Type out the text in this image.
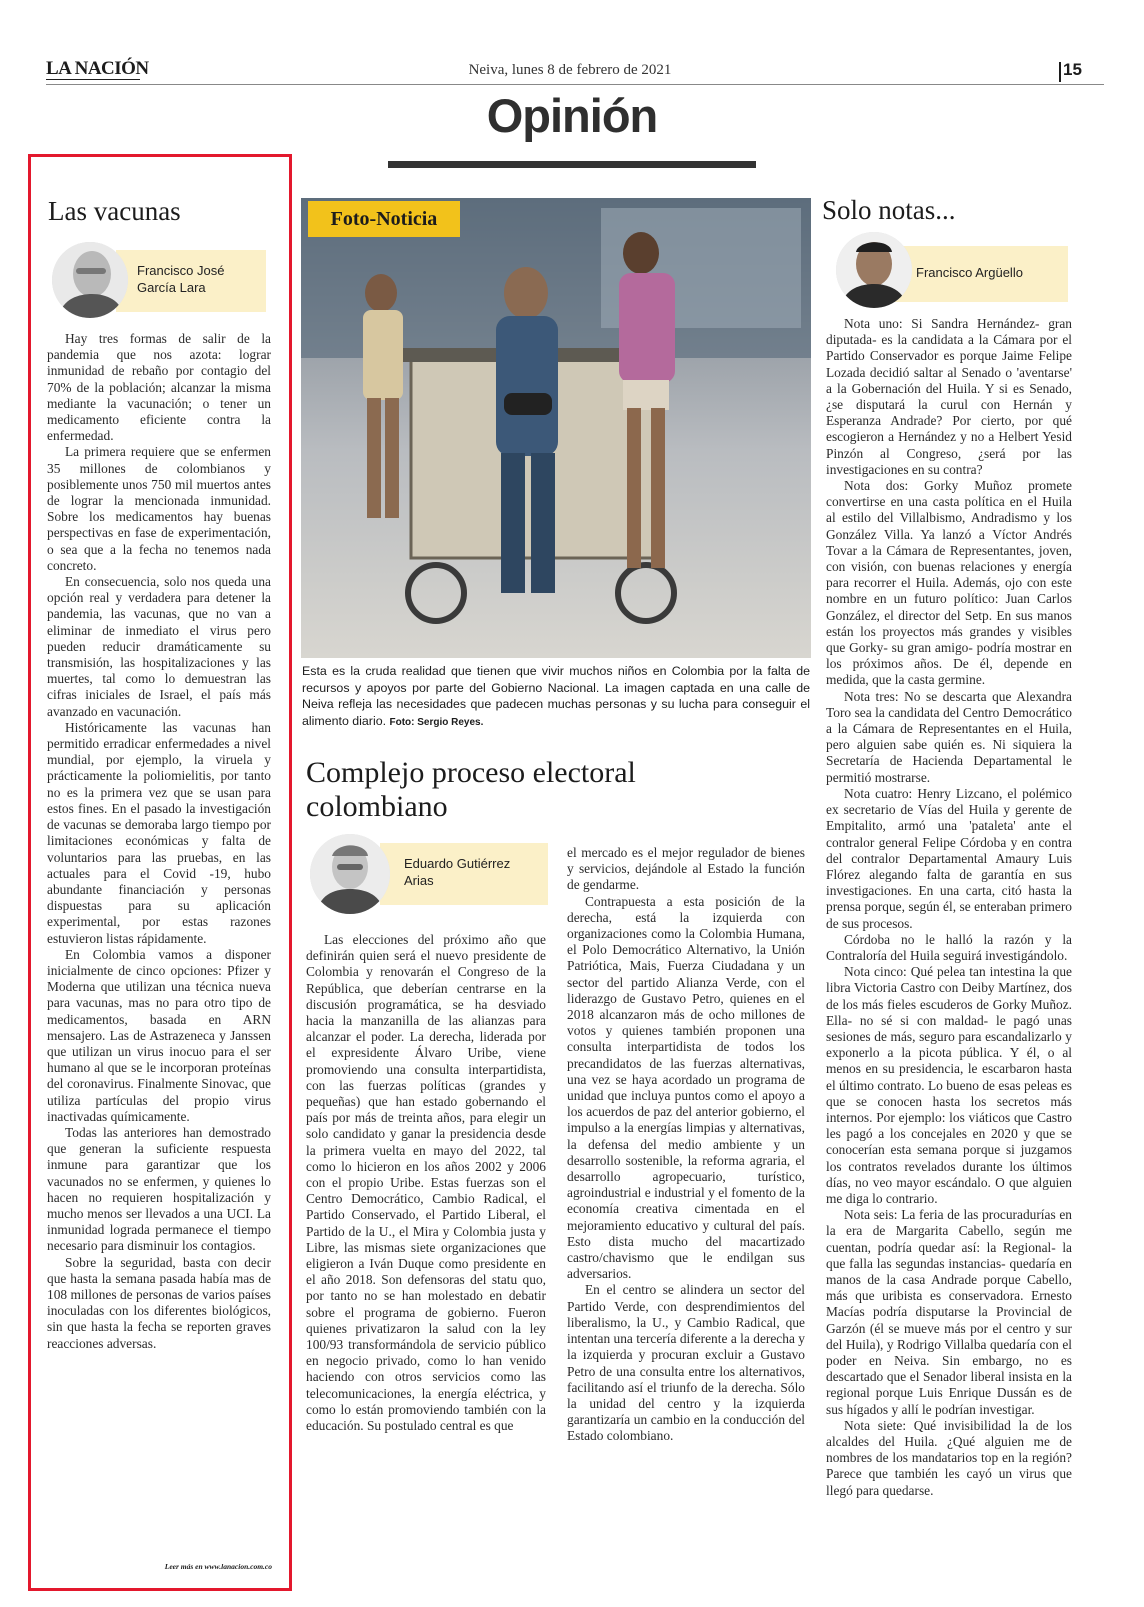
LA NACIÓN	Neiva, lunes 8 de febrero de 2021	15
Opinión
Las vacunas
Francisco José
García Lara

Hay tres formas de salir de la pandemia que nos azota: lograr inmunidad de rebaño por contagio del 70% de la población; alcanzar la misma mediante la vacunación; o tener un medicamento eficiente contra la enfermedad.

La primera requiere que se enfermen 35 millones de colombianos y posiblemente unos 750 mil muertos antes de lograr la mencionada inmunidad. Sobre los medicamentos hay buenas perspectivas en fase de experimentación, o sea que a la fecha no tenemos nada concreto.

En consecuencia, solo nos queda una opción real y verdadera para detener la pandemia, las vacunas, que no van a eliminar de inmediato el virus pero pueden reducir dramáticamente su transmisión, las hospitalizaciones y las muertes, tal como lo demuestran las cifras iniciales de Israel, el país más avanzado en vacunación.

Históricamente las vacunas han permitido erradicar enfermedades a nivel mundial, por ejemplo, la viruela y prácticamente la poliomielitis, por tanto no es la primera vez que se usan para estos fines. En el pasado la investigación de vacunas se demoraba largo tiempo por limitaciones económicas y falta de voluntarios para las pruebas, en las actuales para el Covid -19, hubo abundante financiación y personas dispuestas para su aplicación experimental, por estas razones estuvieron listas rápidamente.

En Colombia vamos a disponer inicialmente de cinco opciones: Pfizer y Moderna que utilizan una técnica nueva para vacunas, mas no para otro tipo de medicamentos, basada en ARN mensajero. Las de Astrazeneca y Janssen que utilizan un virus inocuo para el ser humano al que se le incorporan proteínas del coronavirus. Finalmente Sinovac, que utiliza partículas del propio virus inactivadas químicamente.

Todas las anteriores han demostrado que generan la suficiente respuesta inmune para garantizar que los vacunados no se enfermen, y quienes lo hacen no requieren hospitalización y mucho menos ser llevados a una UCI. La inmunidad lograda permanece el tiempo necesario para disminuir los contagios.

Sobre la seguridad, basta con decir que hasta la semana pasada había mas de 108 millones de personas de varios países inoculadas con los diferentes biológicos, sin que hasta la fecha se reporten graves reacciones adversas.

Leer más en www.lanacion.com.co
Foto-Noticia
Esta es la cruda realidad que tienen que vivir muchos niños en Colombia por la falta de recursos y apoyos por parte del Gobierno Nacional. La imagen captada en una calle de Neiva refleja las necesidades que padecen muchas personas y su lucha para conseguir el alimento diario. Foto: Sergio Reyes.
Complejo proceso electoral
colombiano
Eduardo Gutiérrez
Arias

Las elecciones del próximo año que definirán quien será el nuevo presidente de Colombia y renovarán el Congreso de la República, que deberían centrarse en la discusión programática, se ha desviado hacia la manzanilla de las alianzas para alcanzar el poder. La derecha, liderada por el expresidente Álvaro Uribe, viene promoviendo una consulta interpartidista, con las fuerzas políticas (grandes y pequeñas) que han estado gobernando el país por más de treinta años, para elegir un solo candidato y ganar la presidencia desde la primera vuelta en mayo del 2022, tal como lo hicieron en los años 2002 y 2006 con el propio Uribe. Estas fuerzas son el Centro Democrático, Cambio Radical, el Partido Conservado, el Partido Liberal, el Partido de la U., el Mira y Colombia justa y Libre, las mismas siete organizaciones que eligieron a Iván Duque como presidente en el año 2018. Son defensoras del statu quo, por tanto no se han molestado en debatir sobre el programa de gobierno. Fueron quienes privatizaron la salud con la ley 100/93 transformándola de servicio público en negocio privado, como lo han venido haciendo con otros servicios como las telecomunicaciones, la energía eléctrica, y como lo están promoviendo también con la educación. Su postulado central es que

el mercado es el mejor regulador de bienes y servicios, dejándole al Estado la función de gendarme.

Contrapuesta a esta posición de la derecha, está la izquierda con organizaciones como la Colombia Humana, el Polo Democrático Alternativo, la Unión Patriótica, Mais, Fuerza Ciudadana y un sector del partido Alianza Verde, con el liderazgo de Gustavo Petro, quienes en el 2018 alcanzaron más de ocho millones de votos y quienes también proponen una consulta interpartidista de todos los precandidatos de las fuerzas alternativas, una vez se haya acordado un programa de unidad que incluya puntos como el apoyo a los acuerdos de paz del anterior gobierno, el impulso a la energías limpias y alternativas, la defensa del medio ambiente y un desarrollo sostenible, la reforma agraria, el desarrollo agropecuario, turístico, agroindustrial e industrial y el fomento de la economía creativa cimentada en el mejoramiento educativo y cultural del país. Esto dista mucho del macartizado castro/chavismo que le endilgan sus adversarios.

En el centro se alindera un sector del Partido Verde, con desprendimientos del liberalismo, la U., y Cambio Radical, que intentan una tercería diferente a la derecha y la izquierda y procuran excluir a Gustavo Petro de una consulta entre los alternativos, facilitando así el triunfo de la derecha. Sólo la unidad del centro y la izquierda garantizaría un cambio en la conducción del Estado colombiano.

Solo notas...
Francisco Argüello

Nota uno: Si Sandra Hernández- gran diputada- es la candidata a la Cámara por el Partido Conservador es porque Jaime Felipe Lozada decidió saltar al Senado o 'aventarse' a la Gobernación del Huila. Y si es Senado, ¿se disputará la curul con Hernán y Esperanza Andrade? Por cierto, por qué escogieron a Hernández y no a Helbert Yesid Pinzón al Congreso, ¿será por las investigaciones en su contra?

Nota dos: Gorky Muñoz promete convertirse en una casta política en el Huila al estilo del Villalbismo, Andradismo y los González Villa. Ya lanzó a Víctor Andrés Tovar a la Cámara de Representantes, joven, con visión, con buenas relaciones y energía para recorrer el Huila. Además, ojo con este nombre en un futuro político: Juan Carlos González, el director del Setp. En sus manos están los proyectos más grandes y visibles que Gorky- su gran amigo- podría mostrar en los próximos años. De él, depende en medida, que la casta germine.

Nota tres: No se descarta que Alexandra Toro sea la candidata del Centro Democrático a la Cámara de Representantes en el Huila, pero alguien sabe quién es. Ni siquiera la Secretaría de Hacienda Departamental le permitió mostrarse.

Nota cuatro: Henry Lizcano, el polémico ex secretario de Vías del Huila y gerente de Empitalito, armó una 'pataleta' ante el contralor general Felipe Córdoba y en contra del contralor Departamental Amaury Luis Flórez alegando falta de garantía en sus investigaciones. En una carta, citó hasta la prensa porque, según él, se enteraban primero de sus procesos.

Córdoba no le halló la razón y la Contraloría del Huila seguirá investigándolo.

Nota cinco: Qué pelea tan intestina la que libra Victoria Castro con Deiby Martínez, dos de los más fieles escuderos de Gorky Muñoz. Ella- no sé si con maldad- le pagó unas sesiones de más, seguro para escandalizarlo y exponerlo a la picota pública. Y él, o al menos en su presidencia, le escarbaron hasta el último contrato. Lo bueno de esas peleas es que se conocen hasta los secretos más internos. Por ejemplo: los viáticos que Castro les pagó a los concejales en 2020 y que se conocerían esta semana porque si juzgamos los contratos revelados durante los últimos días, no veo mayor escándalo. O que alguien me diga lo contrario.

Nota seis: La feria de las procuradurías en la era de Margarita Cabello, según me cuentan, podría quedar así: la Regional- la que falla las segundas instancias- quedaría en manos de la casa Andrade porque Cabello, más que uribista es conservadora. Ernesto Macías podría disputarse la Provincial de Garzón (él se mueve más por el centro y sur del Huila), y Rodrigo Villalba quedaría con el poder en Neiva. Sin embargo, no es descartado que el Senador liberal insista en la regional porque Luis Enrique Dussán es de sus hígados y allí le podrían investigar.

Nota siete: Qué invisibilidad la de los alcaldes del Huila. ¿Qué alguien me de nombres de los mandatarios top en la región? Parece que también les cayó un virus que llegó para quedarse.
